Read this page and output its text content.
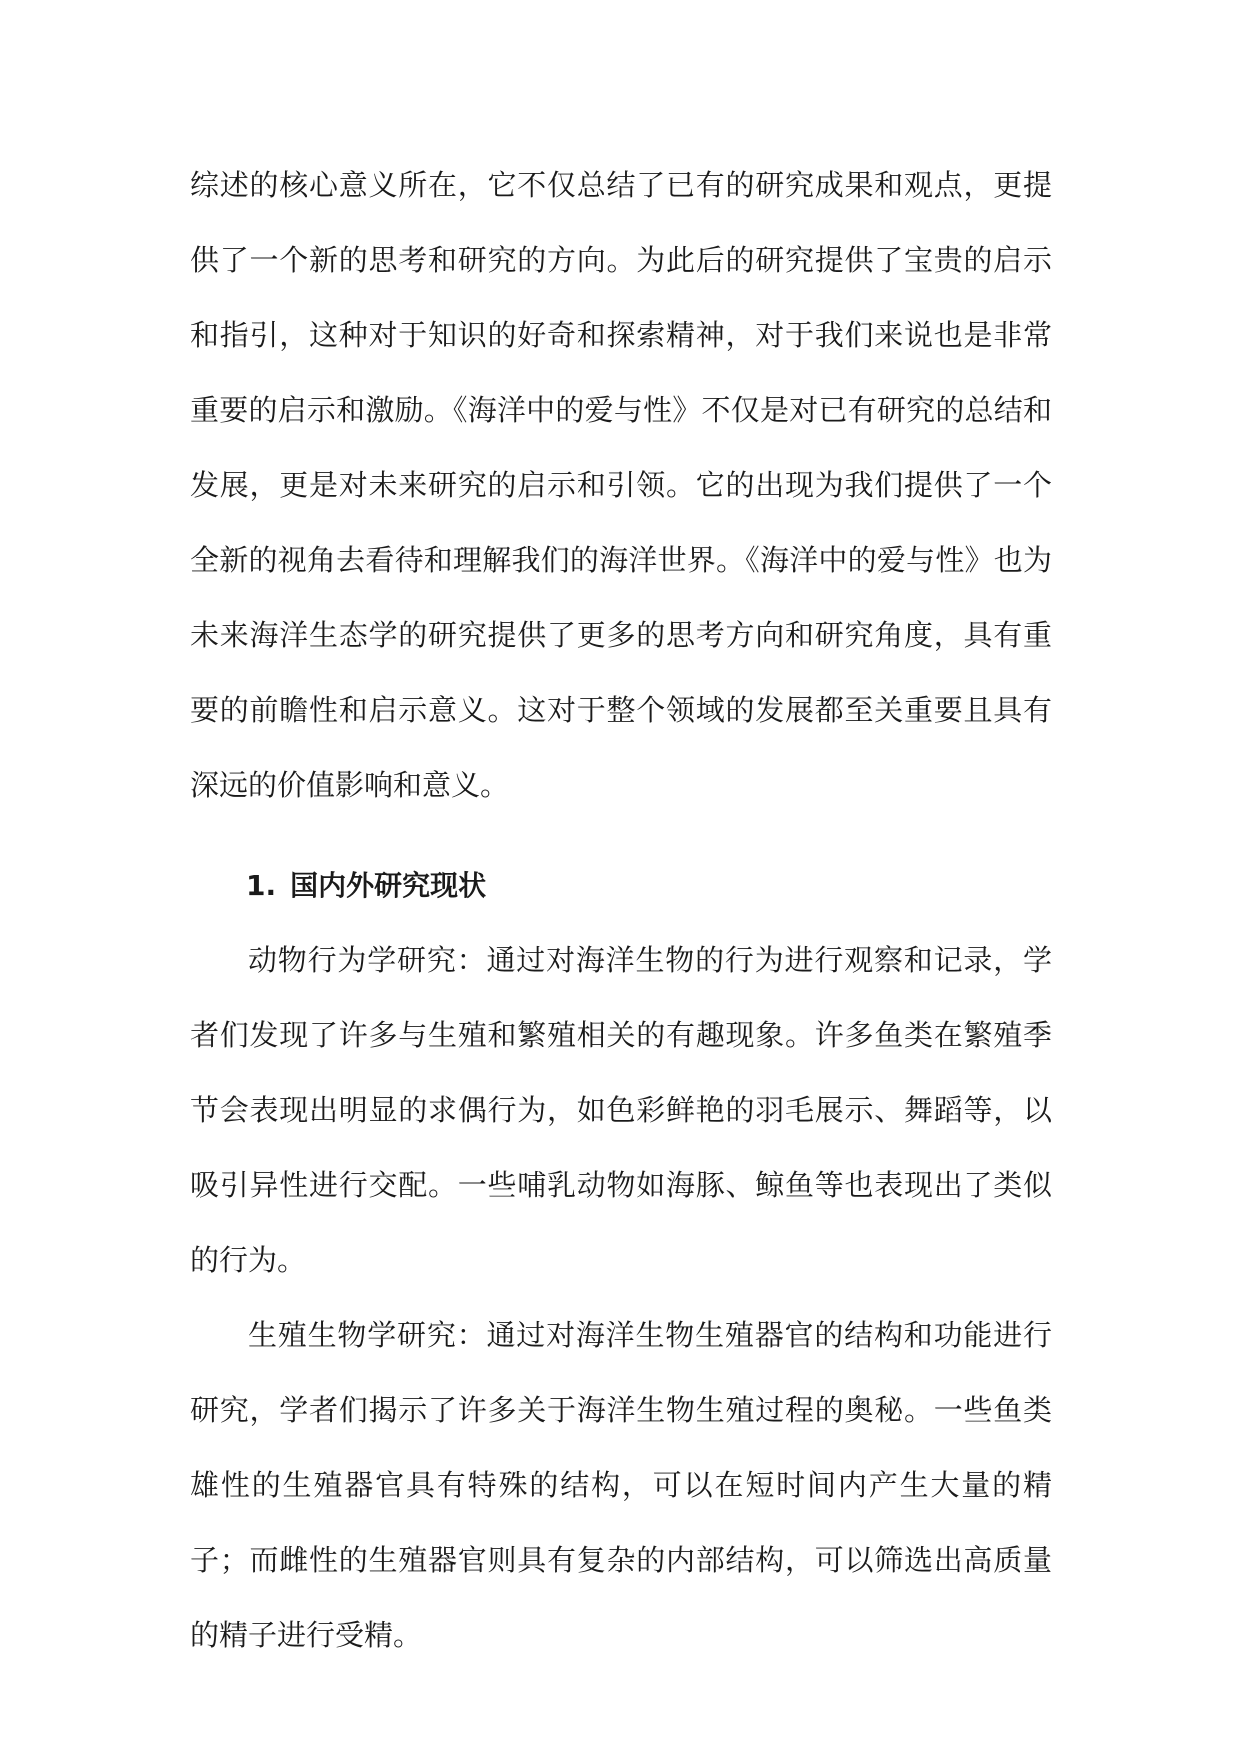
综述的核心意义所在，它不仅总结了已有的研究成果和观点，更提供了一个新的思考和研究的方向。为此后的研究提供了宝贵的启示和指引，这种对于知识的好奇和探索精神，对于我们来说也是非常重要的启示和激励。《海洋中的爱与性》不仅是对已有研究的总结和发展，更是对未来研究的启示和引领。它的出现为我们提供了一个全新的视角去看待和理解我们的海洋世界。《海洋中的爱与性》也为未来海洋生态学的研究提供了更多的思考方向和研究角度，具有重要的前瞻性和启示意义。这对于整个领域的发展都至关重要且具有深远的价值影响和意义。

1. 国内外研究现状

动物行为学研究：通过对海洋生物的行为进行观察和记录，学者们发现了许多与生殖和繁殖相关的有趣现象。许多鱼类在繁殖季节会表现出明显的求偶行为，如色彩鲜艳的羽毛展示、舞蹈等，以吸引异性进行交配。一些哺乳动物如海豚、鲸鱼等也表现出了类似的行为。

生殖生物学研究：通过对海洋生物生殖器官的结构和功能进行研究，学者们揭示了许多关于海洋生物生殖过程的奥秘。一些鱼类雄性的生殖器官具有特殊的结构，可以在短时间内产生大量的精子；而雌性的生殖器官则具有复杂的内部结构，可以筛选出高质量的精子进行受精。
